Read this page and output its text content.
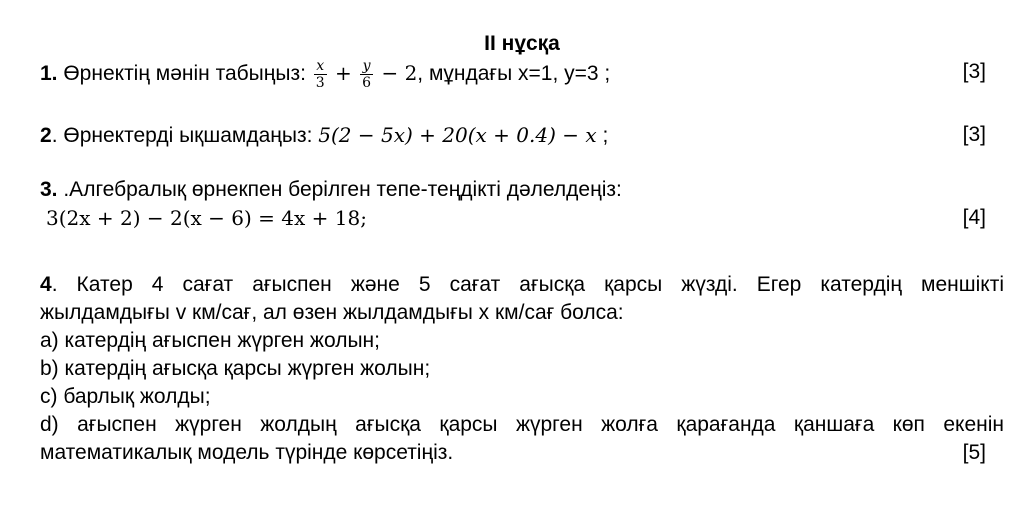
II нұсқа
1. Өрнектің мәнін табыңыз: $\frac{x}{3} + \frac{y}{6} - 2$, мұндағы x=1, y=3 ;	[3]
2. Өрнектерді ықшамдаңыз: 5(2 − 5x) + 20(x + 0.4) − x ;	[3]
3. .Алгебралық өрнекпен берілген тепе-теңдікті дәлелдеңіз:
3(2x + 2) − 2(x − 6) = 4x + 18;	[4]
4. Катер 4 сағат ағыспен және 5 сағат ағысқа қарсы жүзді. Егер катердің меншікті
жылдамдығы v км/сағ, ал өзен жылдамдығы x км/сағ болса:
a) катердің ағыспен жүрген жолын;
b) катердің ағысқа қарсы жүрген жолын;
c) барлық жолды;
d) ағыспен жүрген жолдың ағысқа қарсы жүрген жолға қарағанда қаншаға көп екенін
математикалық модель түрінде көрсетіңіз.	[5]
